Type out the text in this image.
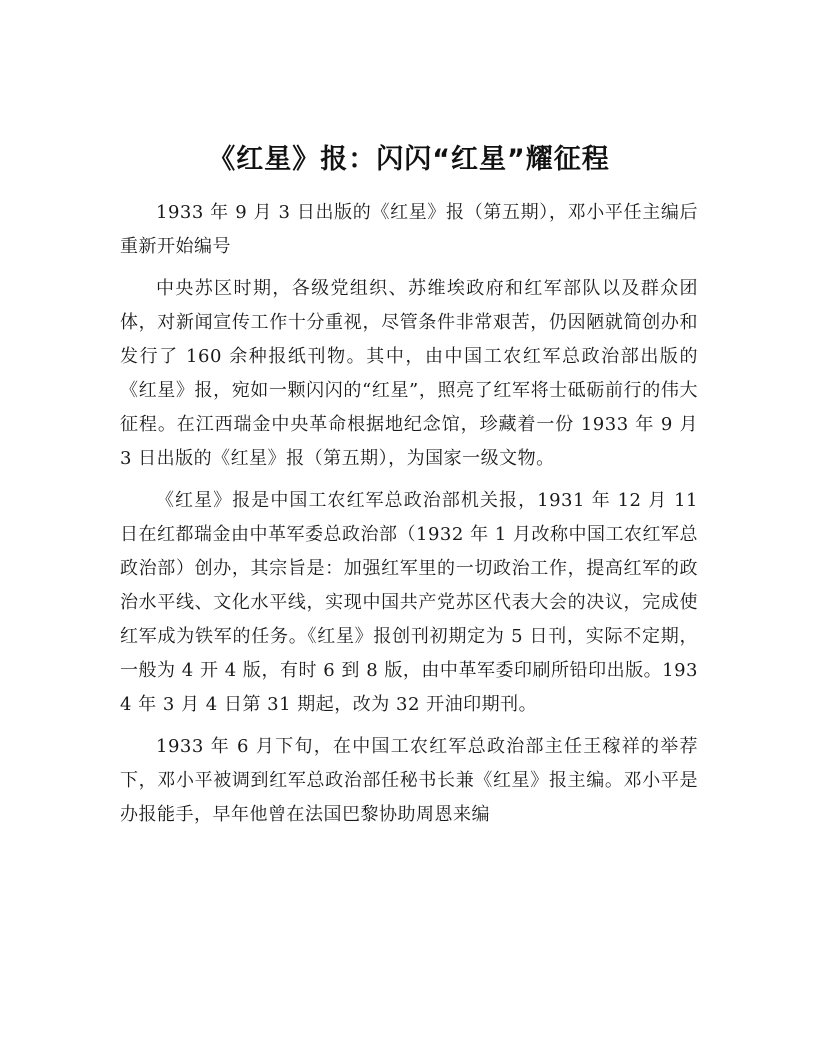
《红星》报：闪闪“红星”耀征程

1933 年 9 月 3 日出版的《红星》报（第五期），邓小平任主编后重新开始编号

中央苏区时期，各级党组织、苏维埃政府和红军部队以及群众团体，对新闻宣传工作十分重视，尽管条件非常艰苦，仍因陋就简创办和发行了 160 余种报纸刊物。其中，由中国工农红军总政治部出版的《红星》报，宛如一颗闪闪的“红星”，照亮了红军将士砥砺前行的伟大征程。在江西瑞金中央革命根据地纪念馆，珍藏着一份 1933 年 9 月 3 日出版的《红星》报（第五期），为国家一级文物。

《红星》报是中国工农红军总政治部机关报，1931 年 12 月 11 日在红都瑞金由中革军委总政治部（1932 年 1 月改称中国工农红军总政治部）创办，其宗旨是：加强红军里的一切政治工作，提高红军的政治水平线、文化水平线，实现中国共产党苏区代表大会的决议，完成使红军成为铁军的任务。《红星》报创刊初期定为 5 日刊，实际不定期，一般为 4 开 4 版，有时 6 到 8 版，由中革军委印刷所铅印出版。1934 年 3 月 4 日第 31 期起，改为 32 开油印期刊。

1933 年 6 月下旬，在中国工农红军总政治部主任王稼祥的举荐下，邓小平被调到红军总政治部任秘书长兼《红星》报主编。邓小平是办报能手，早年他曾在法国巴黎协助周恩来编
